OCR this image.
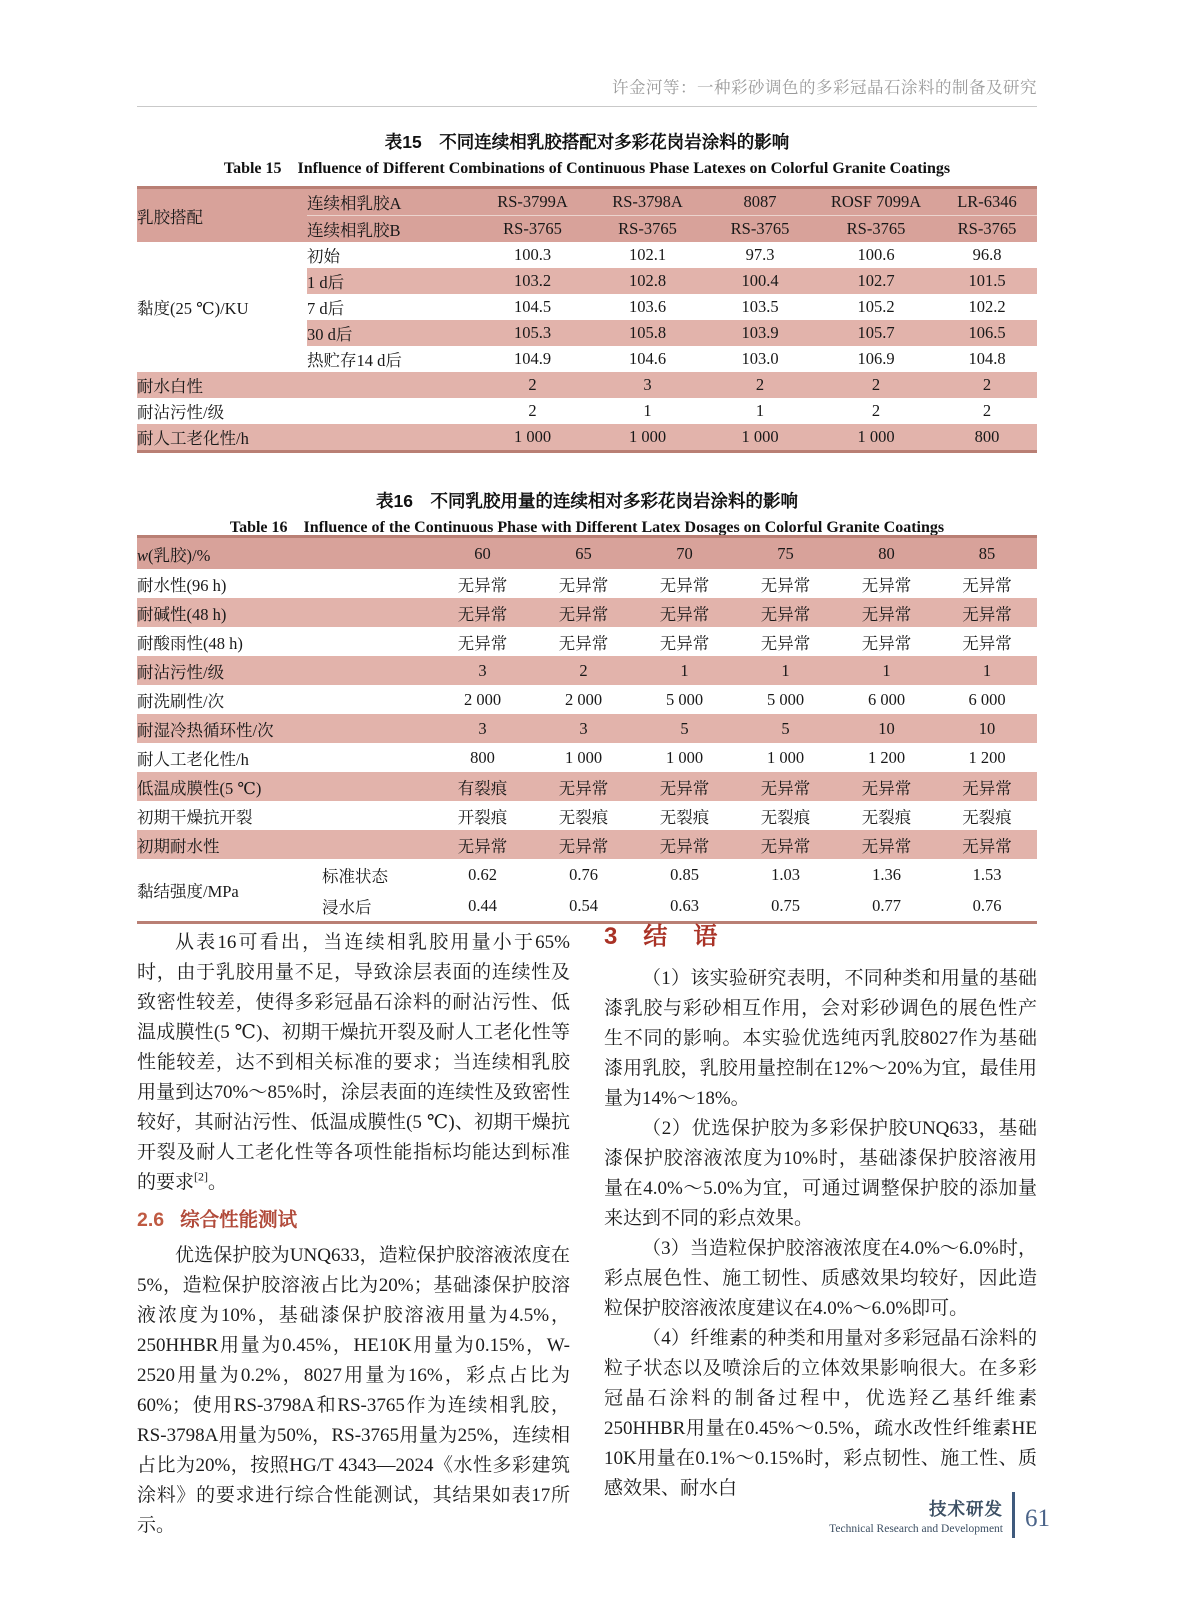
许金河等：一种彩砂调色的多彩冠晶石涂料的制备及研究
表15　不同连续相乳胶搭配对多彩花岗岩涂料的影响
Table 15　Influence of Different Combinations of Continuous Phase Latexes on Colorful Granite Coatings
乳胶搭配	连续相乳胶A	RS-3799A	RS-3798A	8087	ROSF 7099A	LR-6346
	连续相乳胶B	RS-3765	RS-3765	RS-3765	RS-3765	RS-3765
黏度(25 ℃)/KU	初始	100.3	102.1	97.3	100.6	96.8
	1 d后	103.2	102.8	100.4	102.7	101.5
	7 d后	104.5	103.6	103.5	105.2	102.2
	30 d后	105.3	105.8	103.9	105.7	106.5
	热贮存14 d后	104.9	104.6	103.0	106.9	104.8
耐水白性		2	3	2	2	2
耐沾污性/级		2	1	1	2	2
耐人工老化性/h		1 000	1 000	1 000	1 000	800
表16　不同乳胶用量的连续相对多彩花岗岩涂料的影响
Table 16　Influence of the Continuous Phase with Different Latex Dosages on Colorful Granite Coatings
w(乳胶)/%		60	65	70	75	80	85
耐水性(96 h)		无异常	无异常	无异常	无异常	无异常	无异常
耐碱性(48 h)		无异常	无异常	无异常	无异常	无异常	无异常
耐酸雨性(48 h)		无异常	无异常	无异常	无异常	无异常	无异常
耐沾污性/级		3	2	1	1	1	1
耐洗刷性/次		2 000	2 000	5 000	5 000	6 000	6 000
耐湿冷热循环性/次		3	3	5	5	10	10
耐人工老化性/h		800	1 000	1 000	1 000	1 200	1 200
低温成膜性(5 ℃)		有裂痕	无异常	无异常	无异常	无异常	无异常
初期干燥抗开裂		开裂痕	无裂痕	无裂痕	无裂痕	无裂痕	无裂痕
初期耐水性		无异常	无异常	无异常	无异常	无异常	无异常
黏结强度/MPa	标准状态	0.62	0.76	0.85	1.03	1.36	1.53
	浸水后	0.44	0.54	0.63	0.75	0.77	0.76

从表16可看出，当连续相乳胶用量小于65%时，由于乳胶用量不足，导致涂层表面的连续性及致密性较差，使得多彩冠晶石涂料的耐沾污性、低温成膜性(5 ℃)、初期干燥抗开裂及耐人工老化性等性能较差，达不到相关标准的要求；当连续相乳胶用量到达70%～85%时，涂层表面的连续性及致密性较好，其耐沾污性、低温成膜性(5 ℃)、初期干燥抗开裂及耐人工老化性等各项性能指标均能达到标准的要求[2]。

2.6 综合性能测试

优选保护胶为UNQ633，造粒保护胶溶液浓度在5%，造粒保护胶溶液占比为20%；基础漆保护胶溶液浓度为10%，基础漆保护胶溶液用量为4.5%，250HHBR用量为0.45%，HE10K用量为0.15%，W-2520用量为0.2%，8027用量为16%，彩点占比为60%；使用RS-3798A和RS-3765作为连续相乳胶，RS-3798A用量为50%，RS-3765用量为25%，连续相占比为20%，按照HG/T 4343—2024《水性多彩建筑涂料》的要求进行综合性能测试，其结果如表17所示。

3　结　语

（1）该实验研究表明，不同种类和用量的基础漆乳胶与彩砂相互作用，会对彩砂调色的展色性产生不同的影响。本实验优选纯丙乳胶8027作为基础漆用乳胶，乳胶用量控制在12%～20%为宜，最佳用量为14%～18%。

（2）优选保护胶为多彩保护胶UNQ633，基础漆保护胶溶液浓度为10%时，基础漆保护胶溶液用量在4.0%～5.0%为宜，可通过调整保护胶的添加量来达到不同的彩点效果。

（3）当造粒保护胶溶液浓度在4.0%～6.0%时，彩点展色性、施工韧性、质感效果均较好，因此造粒保护胶溶液浓度建议在4.0%～6.0%即可。

（4）纤维素的种类和用量对多彩冠晶石涂料的粒子状态以及喷涂后的立体效果影响很大。在多彩冠晶石涂料的制备过程中，优选羟乙基纤维素250HHBR用量在0.45%～0.5%，疏水改性纤维素HE 10K用量在0.1%～0.15%时，彩点韧性、施工性、质感效果、耐水白

技术研发
Technical Research and Development 61
